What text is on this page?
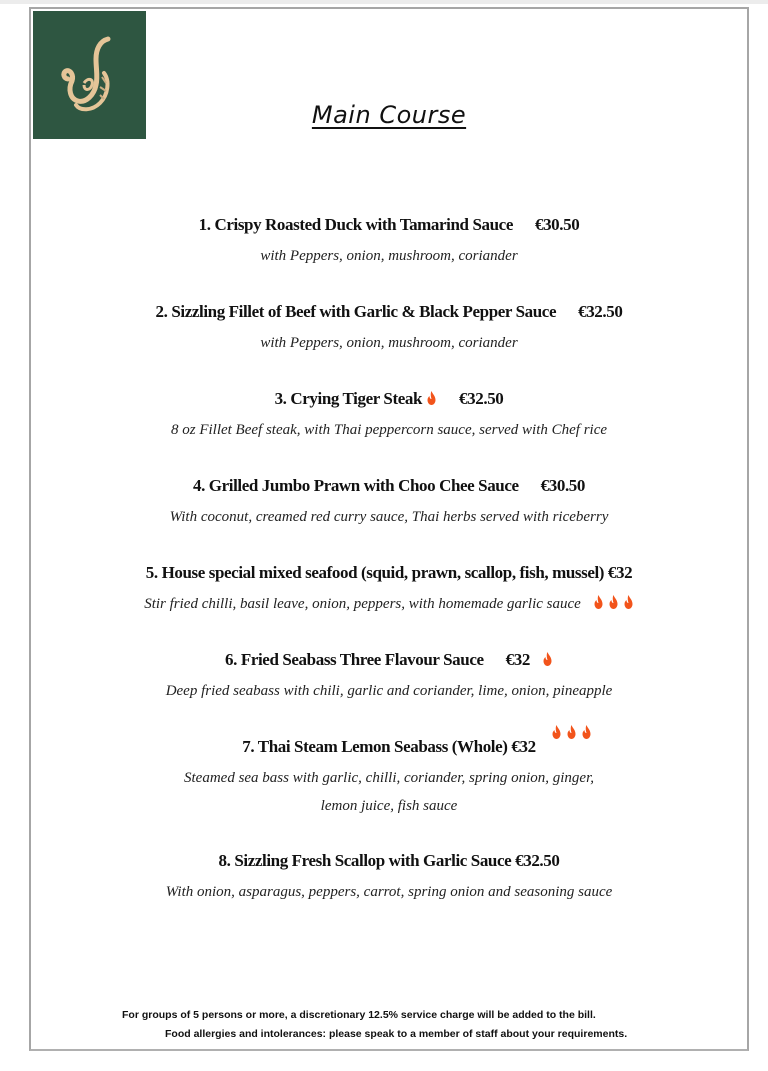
Main Course
1. Crispy Roasted Duck with Tamarind Sauce €30.50
with Peppers, onion, mushroom, coriander
2. Sizzling Fillet of Beef with Garlic & Black Pepper Sauce €32.50
with Peppers, onion, mushroom, coriander
3. Crying Tiger Steak €32.50
8 oz Fillet Beef steak, with Thai peppercorn sauce, served with Chef rice
4. Grilled Jumbo Prawn with Choo Chee Sauce €30.50
With coconut, creamed red curry sauce, Thai herbs served with riceberry
5. House special mixed seafood (squid, prawn, scallop, fish, mussel) €32
Stir fried chilli, basil leave, onion, peppers, with homemade garlic sauce
6. Fried Seabass Three Flavour Sauce €32
Deep fried seabass with chili, garlic and coriander, lime, onion, pineapple
7. Thai Steam Lemon Seabass (Whole) €32
Steamed sea bass with garlic, chilli, coriander, spring onion, ginger,
lemon juice, fish sauce
8. Sizzling Fresh Scallop with Garlic Sauce €32.50
With onion, asparagus, peppers, carrot, spring onion and seasoning sauce
For groups of 5 persons or more, a discretionary 12.5% service charge will be added to the bill.
Food allergies and intolerances: please speak to a member of staff about your requirements.
